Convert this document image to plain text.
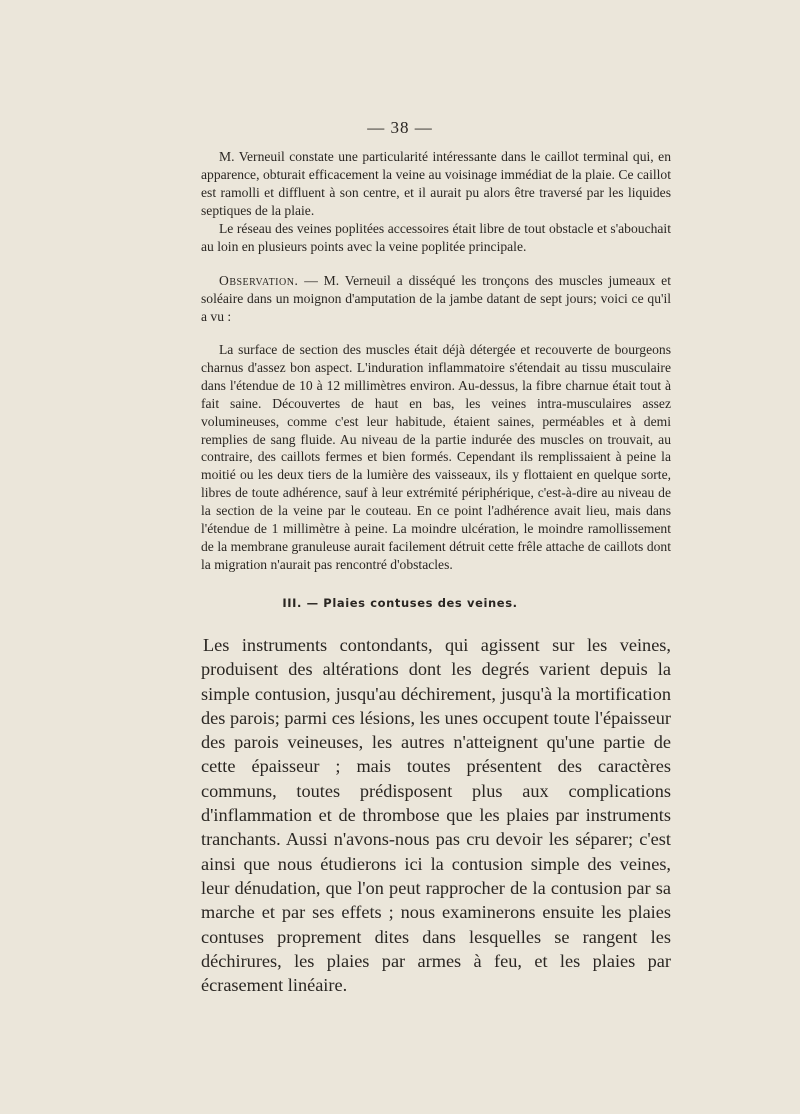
— 38 —

M. Verneuil constate une particularité intéressante dans le caillot terminal qui, en apparence, obturait efficacement la veine au voisinage immédiat de la plaie. Ce caillot est ramolli et diffluent à son centre, et il aurait pu alors être traversé par les liquides septiques de la plaie.

Le réseau des veines poplitées accessoires était libre de tout obstacle et s'abouchait au loin en plusieurs points avec la veine poplitée principale.

Observation. — M. Verneuil a disséqué les tronçons des muscles jumeaux et soléaire dans un moignon d'amputation de la jambe datant de sept jours; voici ce qu'il a vu :

La surface de section des muscles était déjà détergée et recouverte de bourgeons charnus d'assez bon aspect. L'induration inflammatoire s'étendait au tissu musculaire dans l'étendue de 10 à 12 millimètres environ. Au-dessus, la fibre charnue était tout à fait saine. Découvertes de haut en bas, les veines intra-musculaires assez volumineuses, comme c'est leur habitude, étaient saines, perméables et à demi remplies de sang fluide. Au niveau de la partie indurée des muscles on trouvait, au contraire, des caillots fermes et bien formés. Cependant ils remplissaient à peine la moitié ou les deux tiers de la lumière des vaisseaux, ils y flottaient en quelque sorte, libres de toute adhérence, sauf à leur extrémité périphérique, c'est-à-dire au niveau de la section de la veine par le couteau. En ce point l'adhérence avait lieu, mais dans l'étendue de 1 millimètre à peine. La moindre ulcération, le moindre ramollissement de la membrane granuleuse aurait facilement détruit cette frêle attache de caillots dont la migration n'aurait pas rencontré d'obstacles.

III. — Plaies contuses des veines.

Les instruments contondants, qui agissent sur les veines, produisent des altérations dont les degrés varient depuis la simple contusion, jusqu'au déchirement, jusqu'à la mortification des parois; parmi ces lésions, les unes occupent toute l'épaisseur des parois veineuses, les autres n'atteignent qu'une partie de cette épaisseur ; mais toutes présentent des caractères communs, toutes prédisposent plus aux complications d'inflammation et de thrombose que les plaies par instruments tranchants. Aussi n'avons-nous pas cru devoir les séparer; c'est ainsi que nous étudierons ici la contusion simple des veines, leur dénudation, que l'on peut rapprocher de la contusion par sa marche et par ses effets ; nous examinerons ensuite les plaies contuses proprement dites dans lesquelles se rangent les déchirures, les plaies par armes à feu, et les plaies par écrasement linéaire.
